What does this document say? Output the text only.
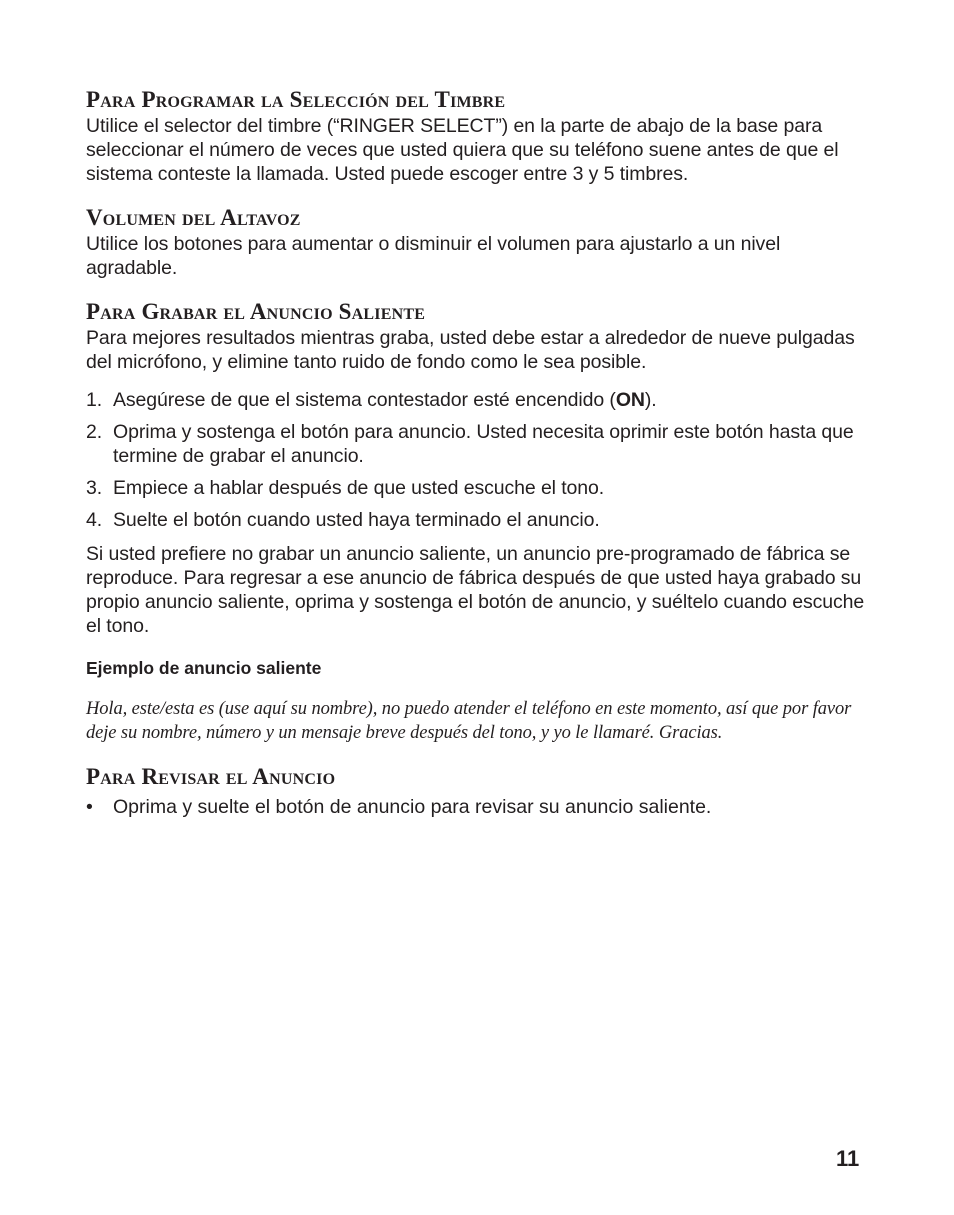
Para Programar la Selección del Timbre

Utilice el selector del timbre (“RINGER SELECT”) en la parte de abajo de la base para seleccionar el número de veces que usted quiera que su teléfono suene antes de que el sistema conteste la llamada. Usted puede escoger entre 3 y 5 timbres.

Volumen del Altavoz

Utilice los botones para aumentar o disminuir el volumen para ajustarlo a un nivel agradable.

Para Grabar el Anuncio Saliente

Para mejores resultados mientras graba, usted debe estar a alrededor de nueve pulgadas del micrófono, y elimine tanto ruido de fondo como le sea posible.

1. Asegúrese de que el sistema contestador esté encendido (ON).
2. Oprima y sostenga el botón para anuncio. Usted necesita oprimir este botón hasta que termine de grabar el anuncio.
3. Empiece a hablar después de que usted escuche el tono.
4. Suelte el botón cuando usted haya terminado el anuncio.

Si usted prefiere no grabar un anuncio saliente, un anuncio pre-programado de fábrica se reproduce. Para regresar a ese anuncio de fábrica después de que usted haya grabado su propio anuncio saliente, oprima y sostenga el botón de anuncio, y suéltelo cuando escuche el tono.

Ejemplo de anuncio saliente

Hola, este/esta es (use aquí su nombre), no puedo atender el teléfono en este momento, así que por favor deje su nombre, número y un mensaje breve después del tono, y yo le llamaré. Gracias.

Para Revisar el Anuncio
• Oprima y suelte el botón de anuncio para revisar su anuncio saliente.
11
